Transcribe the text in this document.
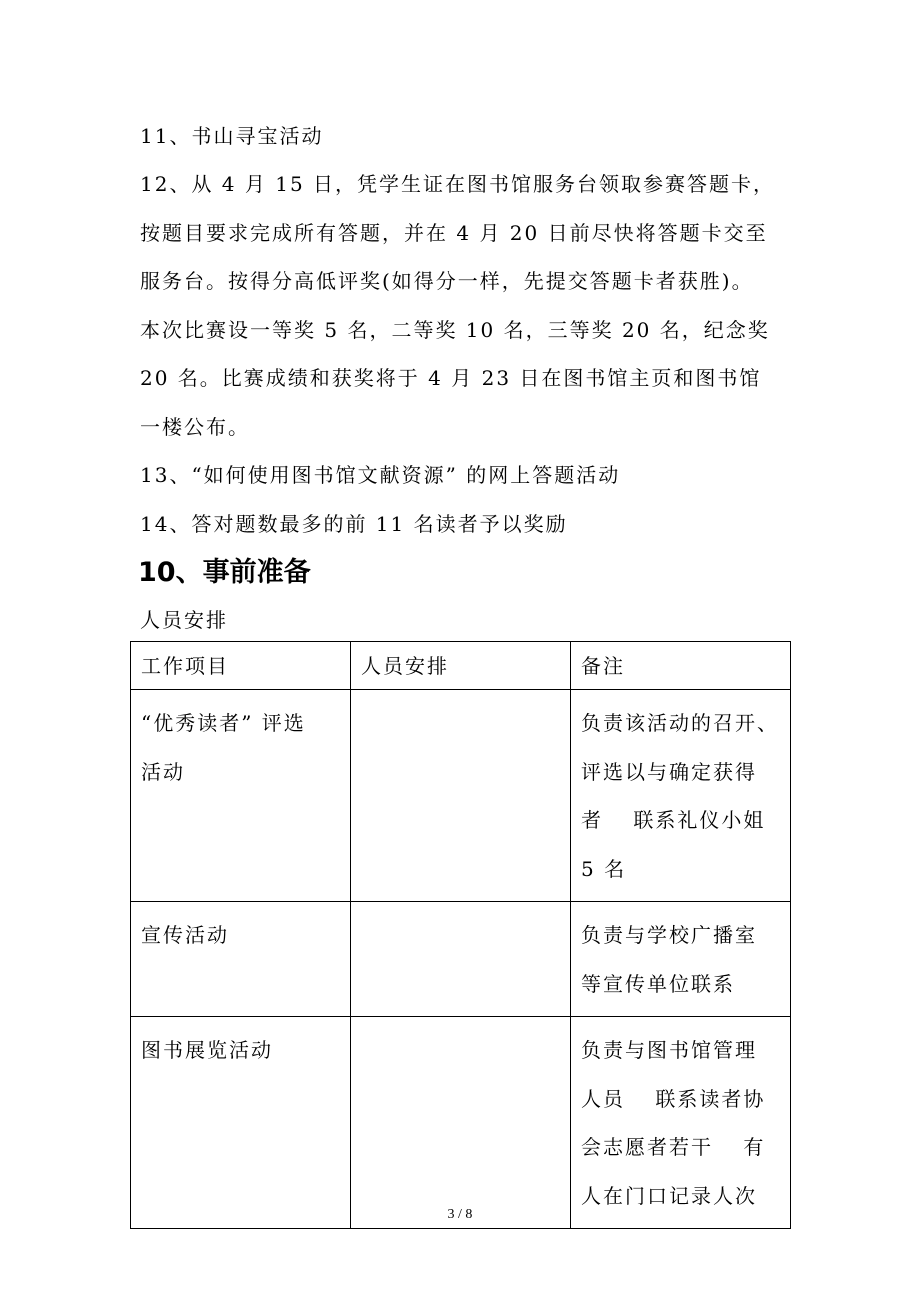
11、书山寻宝活动
12、从 4 月 15 日，凭学生证在图书馆服务台领取参赛答题卡，
按题目要求完成所有答题，并在 4 月 20 日前尽快将答题卡交至
服务台。按得分高低评奖(如得分一样，先提交答题卡者获胜)。
本次比赛设一等奖 5 名，二等奖 10 名，三等奖 20 名，纪念奖
20 名。比赛成绩和获奖将于 4 月 23 日在图书馆主页和图书馆
一楼公布。
13、“如何使用图书馆文献资源” 的网上答题活动
14、答对题数最多的前 11 名读者予以奖励
10、事前准备
人员安排
工作项目	人员安排	备注

“优秀读者” 评选
活动		负责该活动的召开、
评选以与确定获得
者　 联系礼仪小姐
5 名

宣传活动		负责与学校广播室
等宣传单位联系

图书展览活动		负责与图书馆管理
人员　 联系读者协
会志愿者若干　 有
人在门口记录人次
3 / 8
